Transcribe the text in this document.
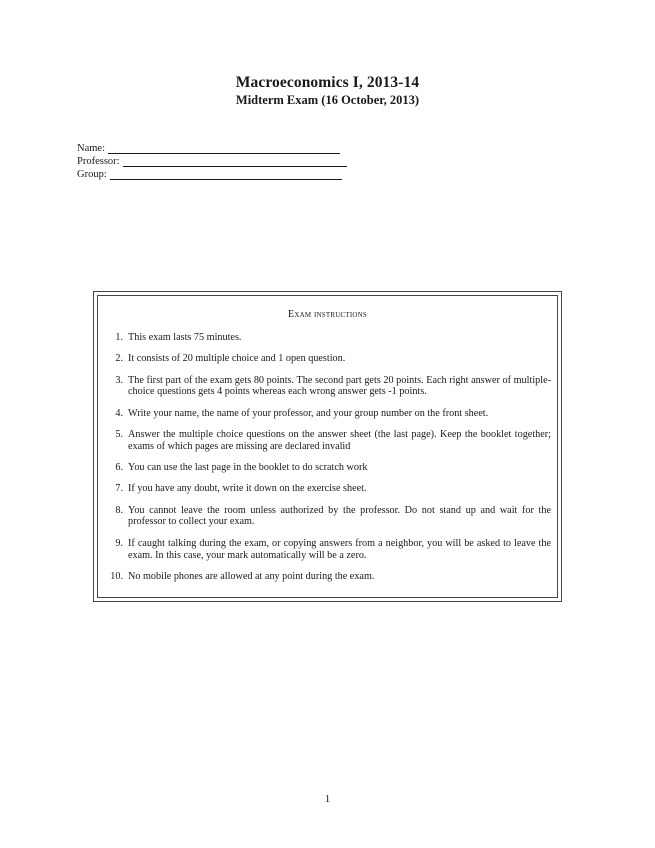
Macroeconomics I, 2013-14
Midterm Exam (16 October, 2013)
Name:
Professor:
Group:
Exam instructions
1. This exam lasts 75 minutes.
2. It consists of 20 multiple choice and 1 open question.
3. The first part of the exam gets 80 points. The second part gets 20 points. Each right answer of multiple-choice questions gets 4 points whereas each wrong answer gets -1 points.
4. Write your name, the name of your professor, and your group number on the front sheet.
5. Answer the multiple choice questions on the answer sheet (the last page). Keep the booklet together; exams of which pages are missing are declared invalid
6. You can use the last page in the booklet to do scratch work
7. If you have any doubt, write it down on the exercise sheet.
8. You cannot leave the room unless authorized by the professor. Do not stand up and wait for the professor to collect your exam.
9. If caught talking during the exam, or copying answers from a neighbor, you will be asked to leave the exam. In this case, your mark automatically will be a zero.
10. No mobile phones are allowed at any point during the exam.
1
